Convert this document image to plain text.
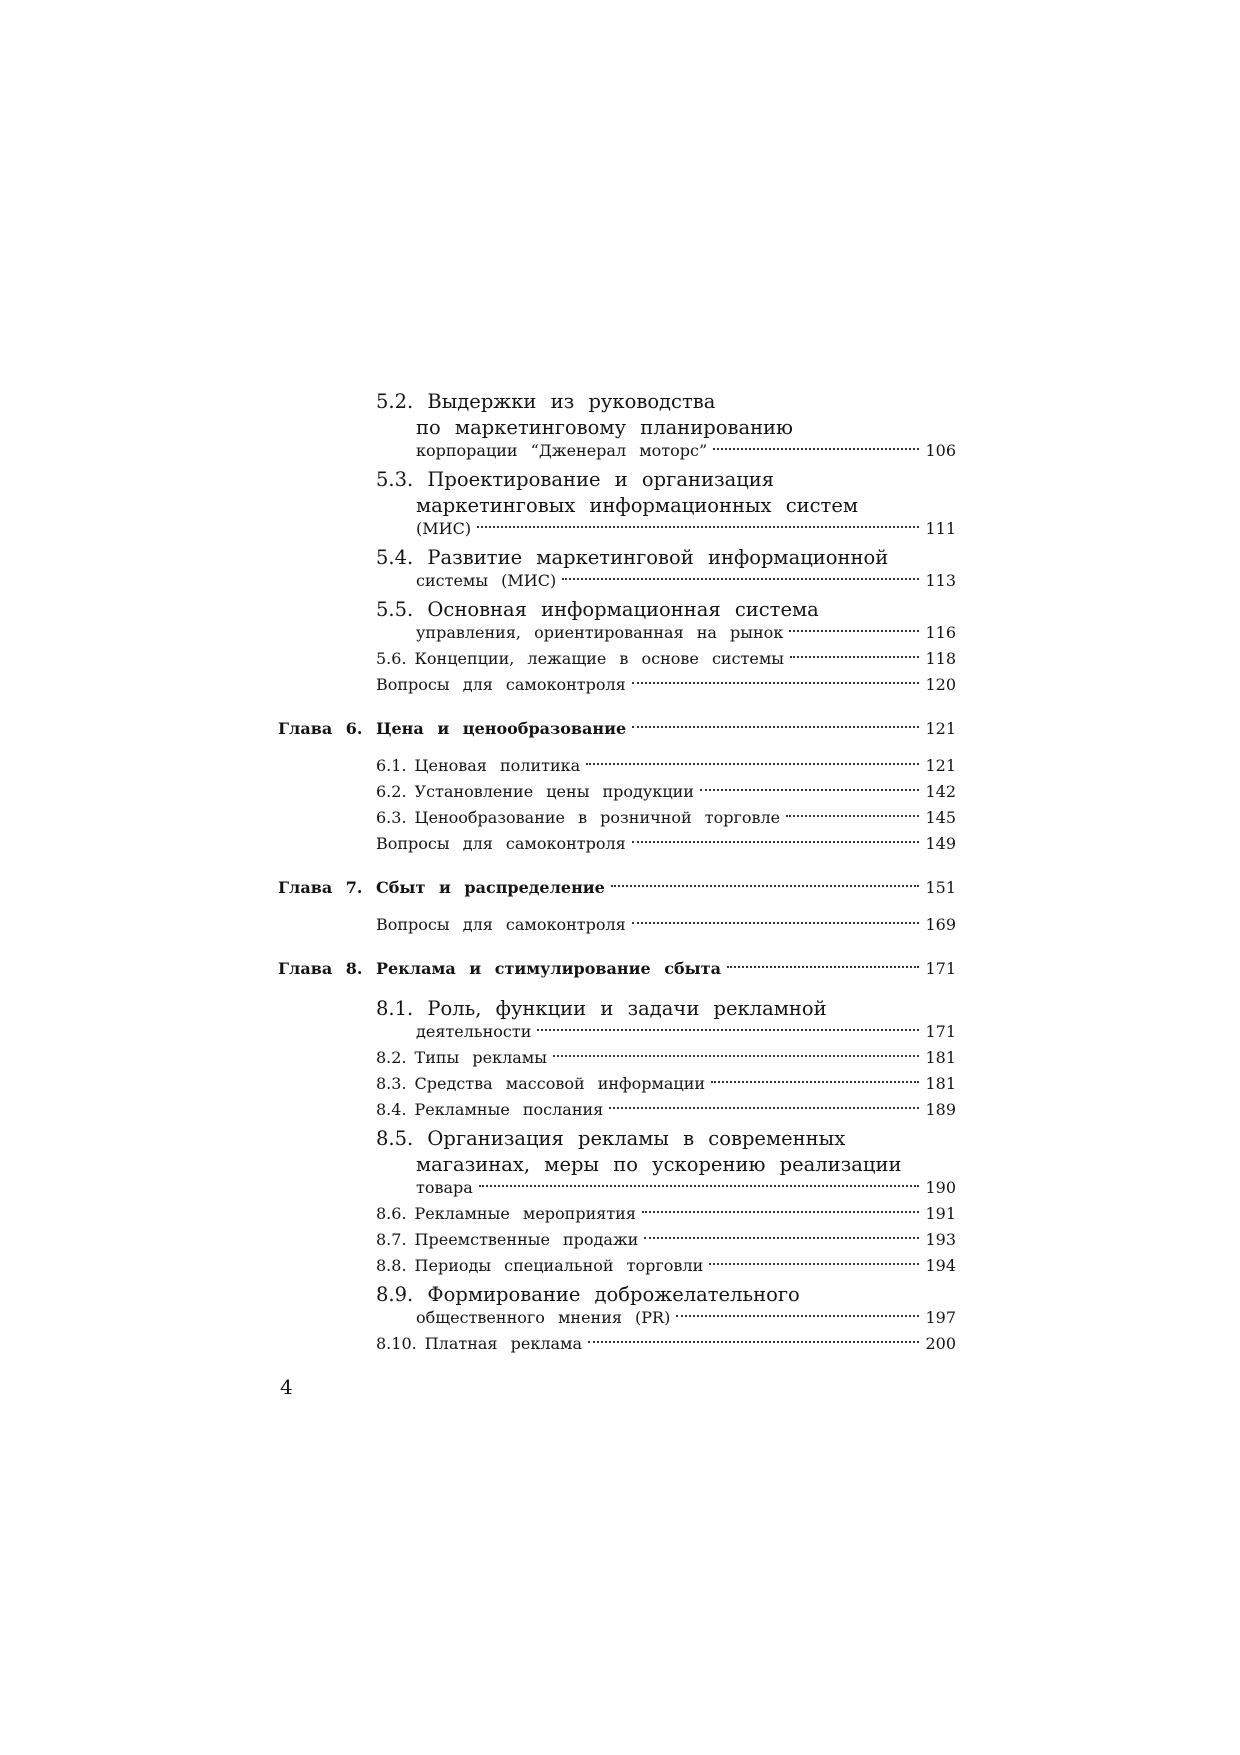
5.2. Выдержки из руководства
по маркетинговому планированию
корпорации “Дженерал моторс”	106
5.3. Проектирование и организация
маркетинговых информационных систем
(МИС)	111
5.4. Развитие маркетинговой информационной
системы (МИС)	113
5.5. Основная информационная система
управления, ориентированная на рынок	116
5.6. Концепции, лежащие в основе системы	118
Вопросы для самоконтроля	120
Глава 6. Цена и ценообразование	121
6.1. Ценовая политика	121
6.2. Установление цены продукции	142
6.3. Ценообразование в розничной торговле	145
Вопросы для самоконтроля	149
Глава 7. Сбыт и распределение	151
Вопросы для самоконтроля	169
Глава 8. Реклама и стимулирование сбыта	171
8.1. Роль, функции и задачи рекламной
деятельности	171
8.2. Типы рекламы	181
8.3. Средства массовой информации	181
8.4. Рекламные послания	189
8.5. Организация рекламы в современных
магазинах, меры по ускорению реализации
товара	190
8.6. Рекламные мероприятия	191
8.7. Преемственные продажи	193
8.8. Периоды специальной торговли	194
8.9. Формирование доброжелательного
общественного мнения (PR)	197
8.10. Платная реклама	200
4
